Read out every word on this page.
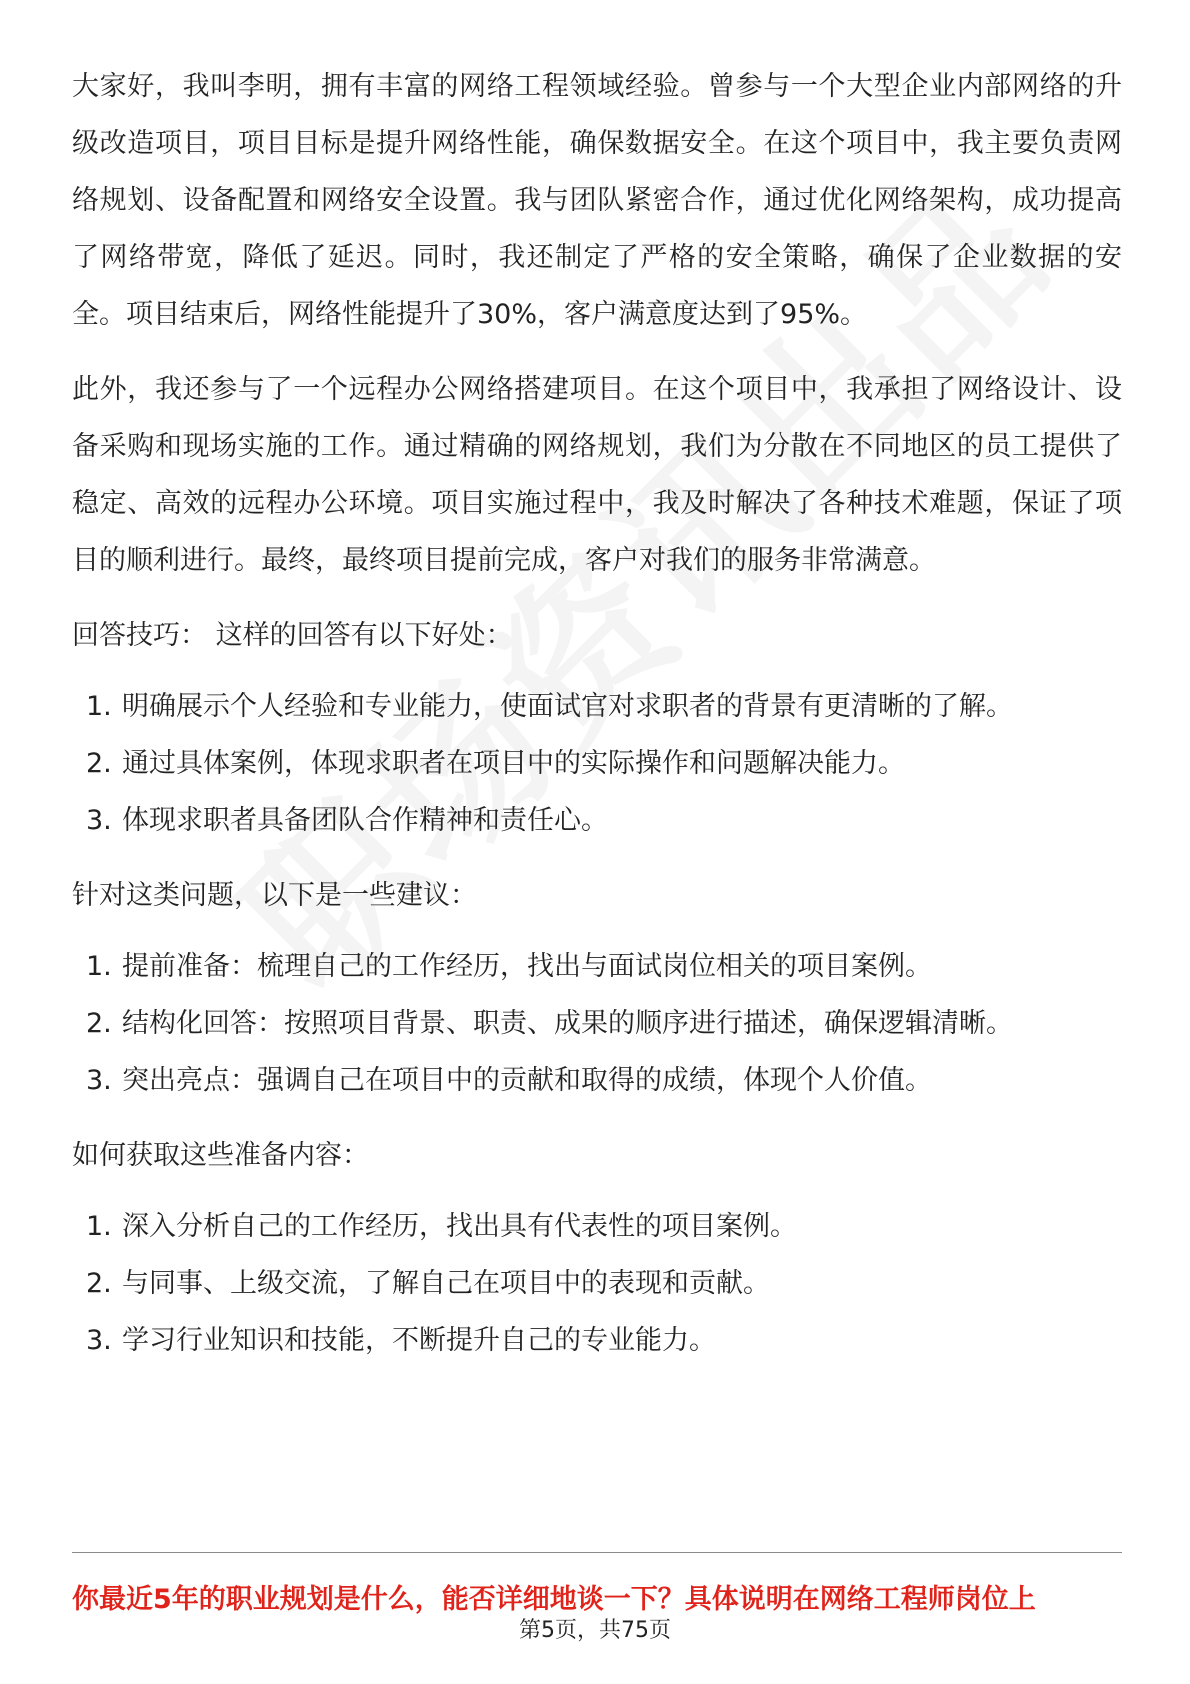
大家好，我叫李明，拥有丰富的网络工程领域经验。曾参与一个大型企业内部网络的升级改造项目，项目目标是提升网络性能，确保数据安全。在这个项目中，我主要负责网络规划、设备配置和网络安全设置。我与团队紧密合作，通过优化网络架构，成功提高了网络带宽，降低了延迟。同时，我还制定了严格的安全策略，确保了企业数据的安全。项目结束后，网络性能提升了30%，客户满意度达到了95%。

此外，我还参与了一个远程办公网络搭建项目。在这个项目中，我承担了网络设计、设备采购和现场实施的工作。通过精确的网络规划，我们为分散在不同地区的员工提供了稳定、高效的远程办公环境。项目实施过程中，我及时解决了各种技术难题，保证了项目的顺利进行。最终，最终项目提前完成，客户对我们的服务非常满意。

回答技巧： 这样的回答有以下好处：

1. 明确展示个人经验和专业能力，使面试官对求职者的背景有更清晰的了解。
2. 通过具体案例，体现求职者在项目中的实际操作和问题解决能力。
3. 体现求职者具备团队合作精神和责任心。

针对这类问题，以下是一些建议：

1. 提前准备：梳理自己的工作经历，找出与面试岗位相关的项目案例。
2. 结构化回答：按照项目背景、职责、成果的顺序进行描述，确保逻辑清晰。
3. 突出亮点：强调自己在项目中的贡献和取得的成绩，体现个人价值。

如何获取这些准备内容：

1. 深入分析自己的工作经历，找出具有代表性的项目案例。
2. 与同事、上级交流，了解自己在项目中的表现和贡献。
3. 学习行业知识和技能，不断提升自己的专业能力。
你最近5年的职业规划是什么，能否详细地谈一下？具体说明在网络工程师岗位上
第5页，共75页
